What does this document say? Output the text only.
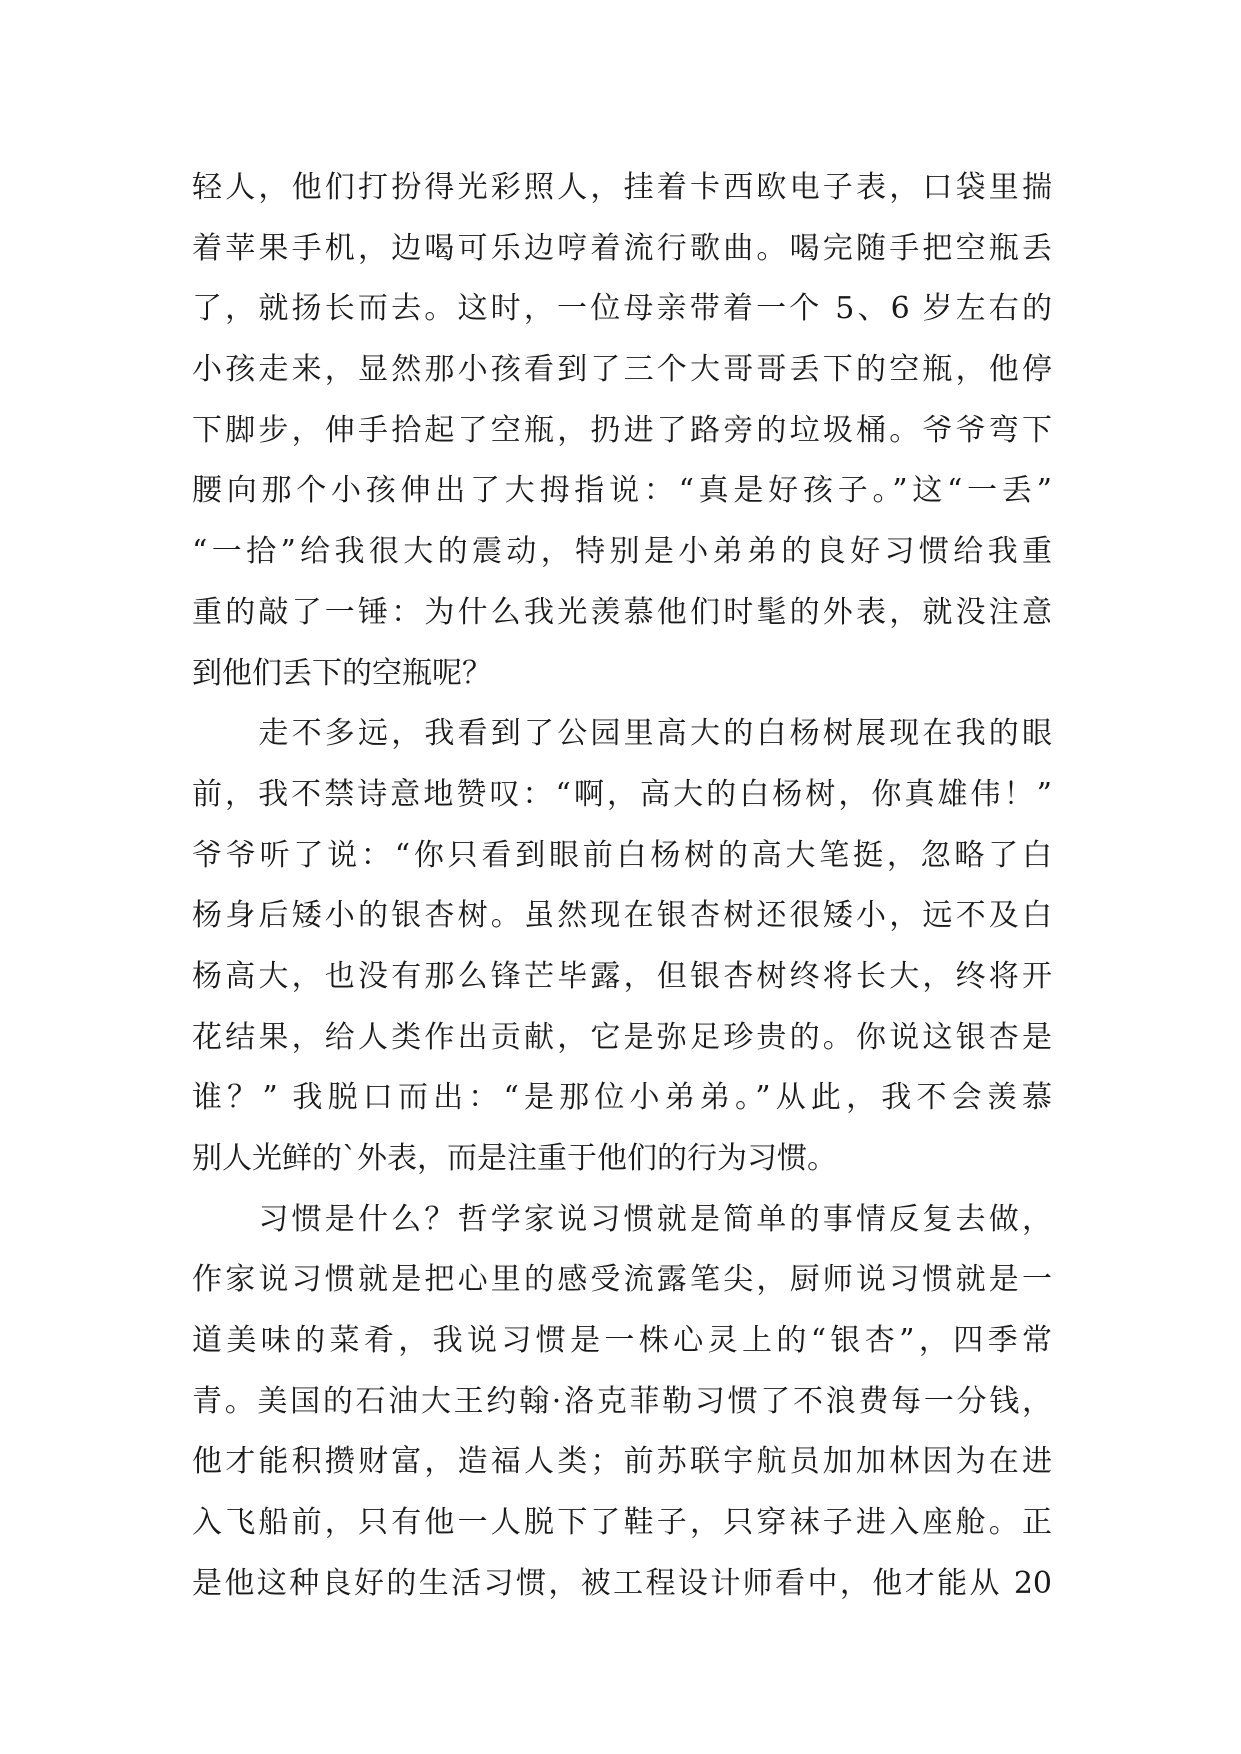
轻人，他们打扮得光彩照人，挂着卡西欧电子表，口袋里揣
着苹果手机，边喝可乐边哼着流行歌曲。喝完随手把空瓶丢
了，就扬长而去。这时，一位母亲带着一个 5、6 岁左右的
小孩走来，显然那小孩看到了三个大哥哥丢下的空瓶，他停
下脚步，伸手拾起了空瓶，扔进了路旁的垃圾桶。爷爷弯下
腰向那个小孩伸出了大拇指说：“真是好孩子。”这“一丢”
“一拾”给我很大的震动，特别是小弟弟的良好习惯给我重
重的敲了一锤：为什么我光羡慕他们时髦的外表，就没注意
到他们丢下的空瓶呢？
　　走不多远，我看到了公园里高大的白杨树展现在我的眼
前，我不禁诗意地赞叹：“啊，高大的白杨树，你真雄伟！”
爷爷听了说：“你只看到眼前白杨树的高大笔挺，忽略了白
杨身后矮小的银杏树。虽然现在银杏树还很矮小，远不及白
杨高大，也没有那么锋芒毕露，但银杏树终将长大，终将开
花结果，给人类作出贡献，它是弥足珍贵的。你说这银杏是
谁？” 我脱口而出：“是那位小弟弟。”从此，我不会羡慕
别人光鲜的`外表，而是注重于他们的行为习惯。
　　习惯是什么？哲学家说习惯就是简单的事情反复去做，
作家说习惯就是把心里的感受流露笔尖，厨师说习惯就是一
道美味的菜肴，我说习惯是一株心灵上的“银杏”，四季常
青。美国的石油大王约翰·洛克菲勒习惯了不浪费每一分钱，
他才能积攒财富，造福人类；前苏联宇航员加加林因为在进
入飞船前，只有他一人脱下了鞋子，只穿袜子进入座舱。正
是他这种良好的生活习惯，被工程设计师看中，他才能从 20
